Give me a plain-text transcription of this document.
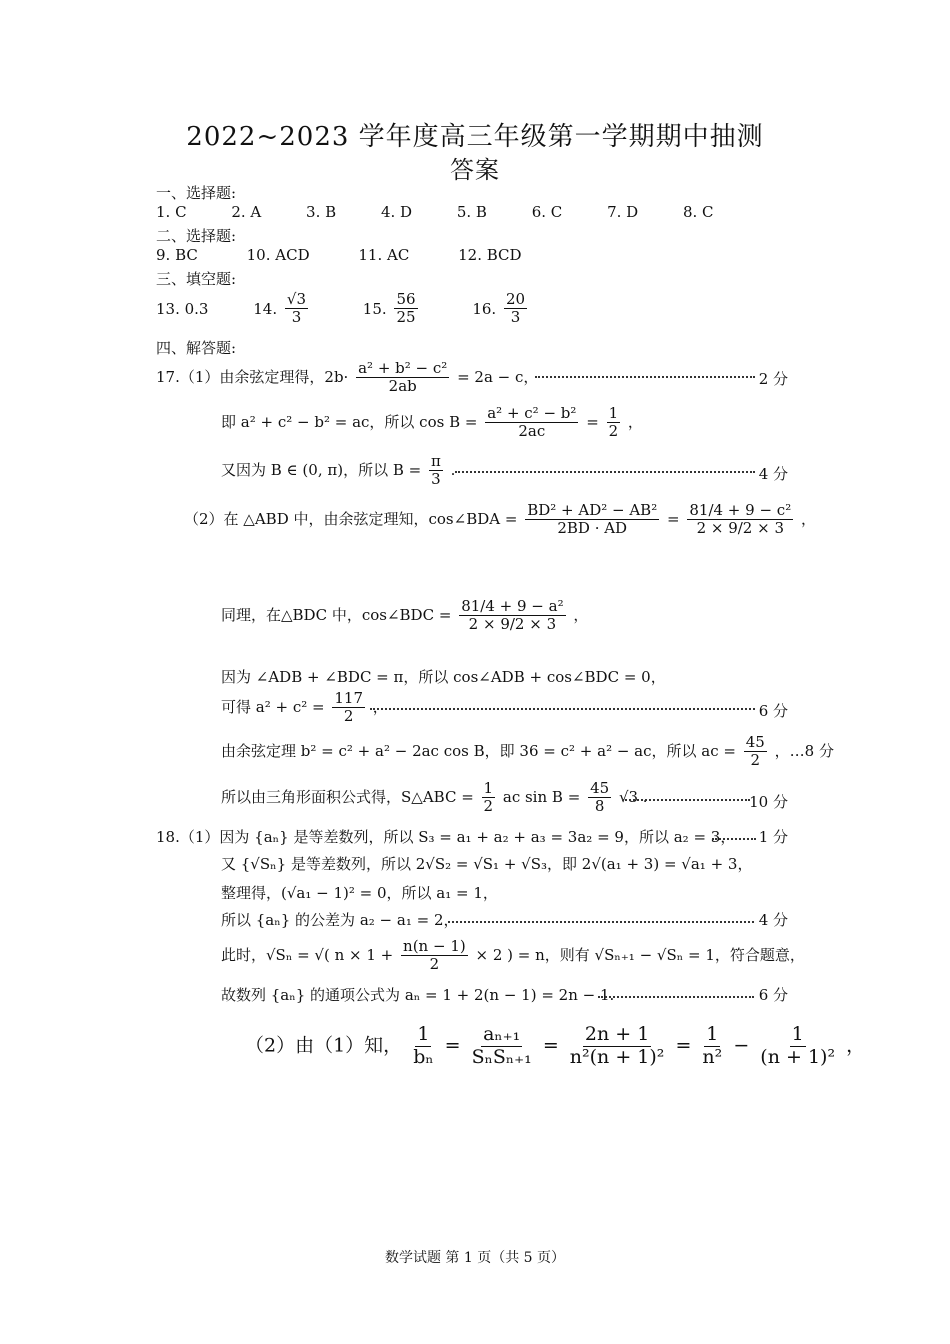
2022~2023 学年度高三年级第一学期期中抽测
答案
一、选择题:
1. C	2. A	3. B	4. D	5. B	6. C	7. D	8. C
二、选择题:
9. BC	10. ACD	11. AC	12. BCD
三、填空题:
13. 0.3	14. $\frac{√3}{3}$	15. $\frac{56}{25}$	16. $\frac{20}{3}$
四、解答题:
17.（1）由余弦定理得，$2b\cdot \frac{\text{a² + b² − c²}}{2ab} = 2a - c$，	2 分
即 a² + c² − b² = ac，所以 $\cos B = \frac{\text{a² + c² − b²}}{2ac} = \frac{1}{2}$ ，
又因为 B ∈ (0, π)，所以 $B = \frac{\pi}{3}$ .	4 分
（2）在 △ABD 中，由余弦定理知，cos∠BDA = $\frac{\text{BD² + AD² − AB²}}{2BD \cdot AD} = \frac{\text{81/4 + 9 − c²}}{2 \times 9/2 \times 3}$ ，
同理，在△BDC 中，cos∠BDC = $\frac{\text{81/4 + 9 − a²}}{2 \times 9/2 \times 3}$ ，
因为 ∠ADB + ∠BDC = π，所以 cos∠ADB + cos∠BDC = 0，
可得 $a^2 + c^2 = \frac{117}{2}$ ，	6 分
由余弦定理 b² = c² + a² − 2ac cos B，即 36 = c² + a² − ac，所以 ac = $\frac{45}{2}$ ，…8 分
所以由三角形面积公式得，S△ABC = $\frac{1}{2}$ ac $\sin B = \frac{45}{8} √3$ .	10 分
18.（1）因为 {aₙ} 是等差数列，所以 S₃ = a₁ + a₂ + a₃ = 3a₂ = 9，所以 a₂ = 3， 1 分
又 {√Sₙ} 是等差数列，所以 2√S₂ = √S₁ + √S₃，即 2√(a₁ + 3) = √a₁ + 3，
整理得，(√a₁ − 1)² = 0，所以 a₁ = 1，
所以 {aₙ} 的公差为 a₂ − a₁ = 2，	4 分
此时，√Sₙ = √( $n \times 1 + \frac{n(n - 1)}{2} \times 2$ ) = n，则有 √Sₙ₊₁ − √Sₙ = 1，符合题意，
故数列 {aₙ} 的通项公式为 aₙ = 1 + 2(n − 1) = 2n − 1.	6 分
（2）由（1）知， $\frac{1}{\text{bₙ}} = \frac{\text{aₙ₊₁}}{\text{SₙSₙ₊₁}} = \frac{2n + 1}{\text{n²(n + 1)²}} = \frac{1}{\text{n²}} - \frac{1}{\text{(n + 1)²}}$ ，
数学试题 第 1 页（共 5 页）
